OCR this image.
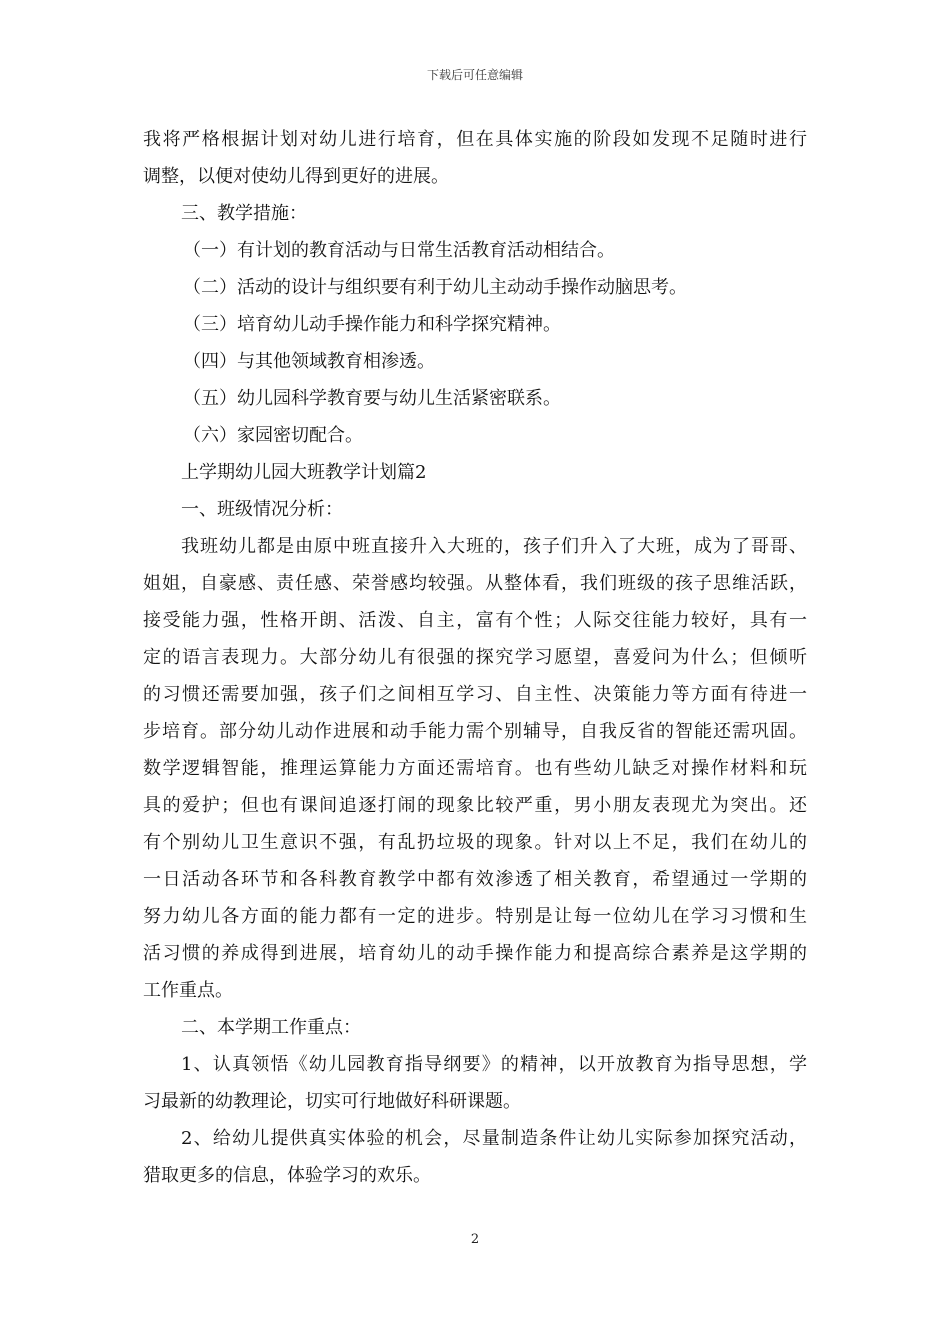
下载后可任意编辑
我将严格根据计划对幼儿进行培育，但在具体实施的阶段如发现不足随时进行
调整，以便对使幼儿得到更好的进展。
三、教学措施：
（一）有计划的教育活动与日常生活教育活动相结合。
（二）活动的设计与组织要有利于幼儿主动动手操作动脑思考。
（三）培育幼儿动手操作能力和科学探究精神。
（四）与其他领域教育相渗透。
（五）幼儿园科学教育要与幼儿生活紧密联系。
（六）家园密切配合。
上学期幼儿园大班教学计划篇2
一、班级情况分析：
我班幼儿都是由原中班直接升入大班的，孩子们升入了大班，成为了哥哥、
姐姐，自豪感、责任感、荣誉感均较强。从整体看，我们班级的孩子思维活跃，
接受能力强，性格开朗、活泼、自主，富有个性；人际交往能力较好，具有一
定的语言表现力。大部分幼儿有很强的探究学习愿望，喜爱问为什么；但倾听
的习惯还需要加强，孩子们之间相互学习、自主性、决策能力等方面有待进一
步培育。部分幼儿动作进展和动手能力需个别辅导，自我反省的智能还需巩固。
数学逻辑智能，推理运算能力方面还需培育。也有些幼儿缺乏对操作材料和玩
具的爱护；但也有课间追逐打闹的现象比较严重，男小朋友表现尤为突出。还
有个别幼儿卫生意识不强，有乱扔垃圾的现象。针对以上不足，我们在幼儿的
一日活动各环节和各科教育教学中都有效渗透了相关教育，希望通过一学期的
努力幼儿各方面的能力都有一定的进步。特别是让每一位幼儿在学习习惯和生
活习惯的养成得到进展，培育幼儿的动手操作能力和提高综合素养是这学期的
工作重点。
二、本学期工作重点：
1、认真领悟《幼儿园教育指导纲要》的精神，以开放教育为指导思想，学
习最新的幼教理论，切实可行地做好科研课题。
2、给幼儿提供真实体验的机会，尽量制造条件让幼儿实际参加探究活动，
猎取更多的信息，体验学习的欢乐。
2
